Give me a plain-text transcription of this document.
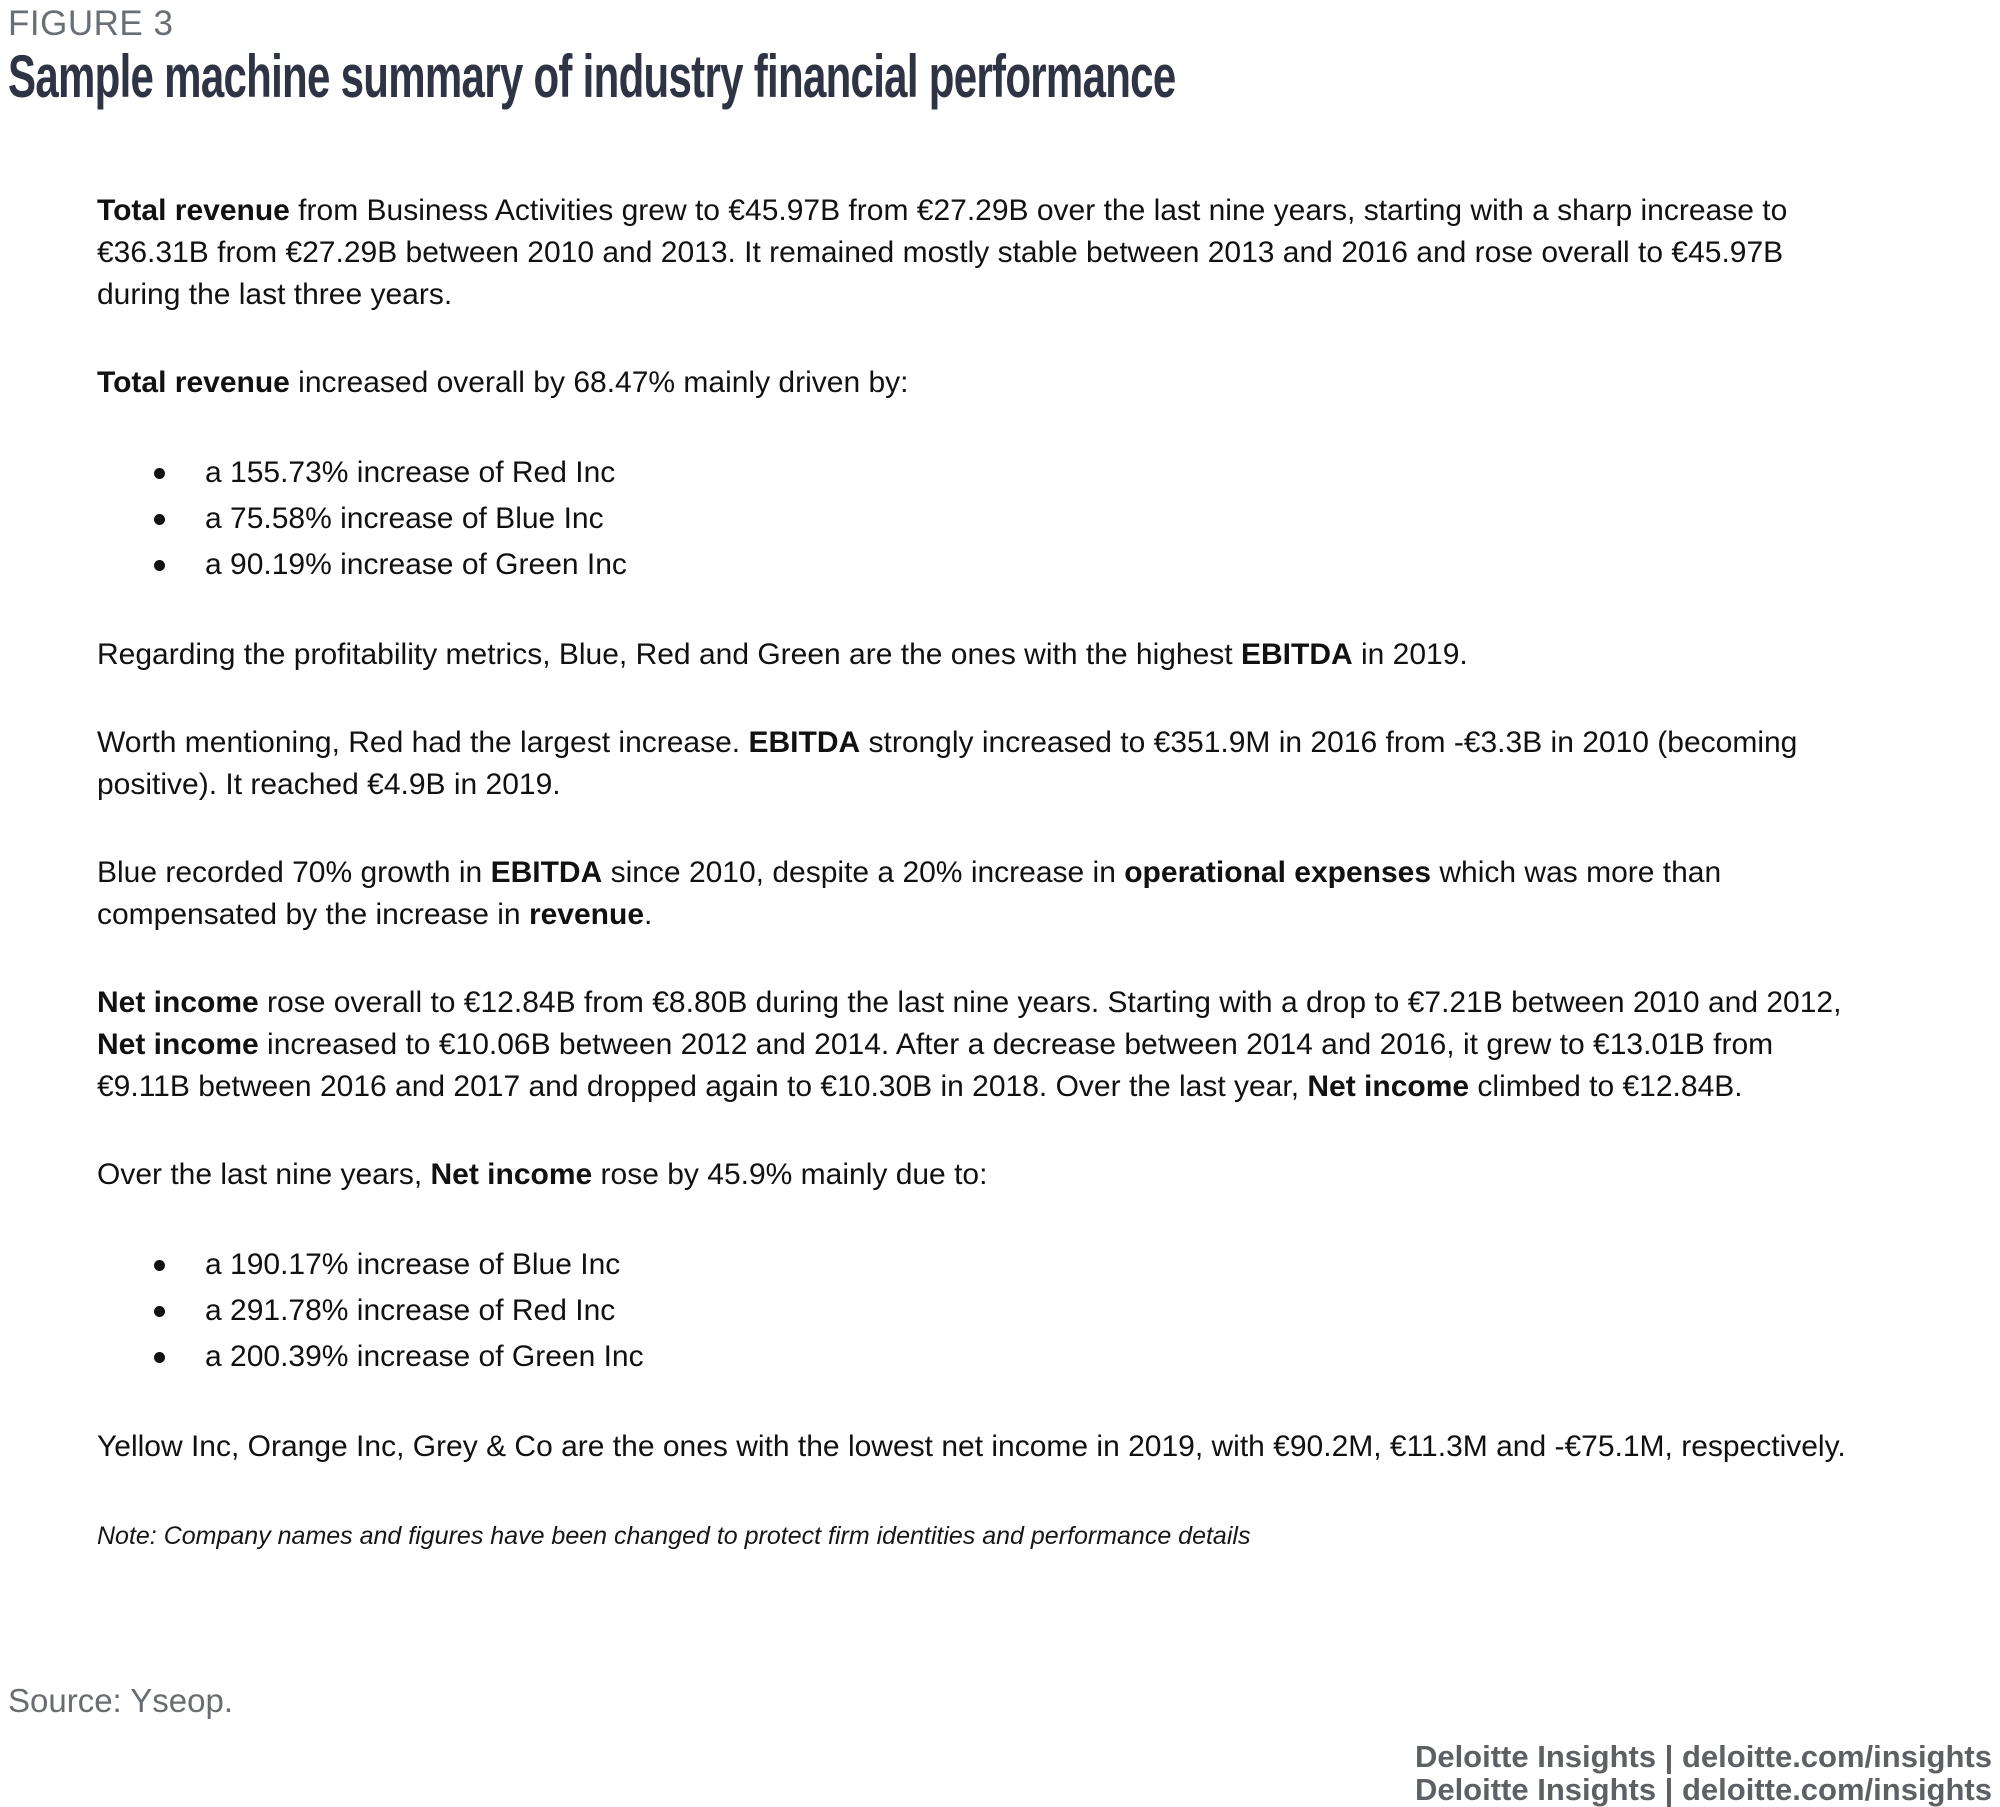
FIGURE 3
Sample machine summary of industry financial performance

Total revenue from Business Activities grew to €45.97B from €27.29B over the last nine years, starting with a sharp increase to €36.31B from €27.29B between 2010 and 2013. It remained mostly stable between 2013 and 2016 and rose overall to €45.97B during the last three years.

Total revenue increased overall by 68.47% mainly driven by:

a 155.73% increase of Red Inc
a 75.58% increase of Blue Inc
a 90.19% increase of Green Inc

Regarding the profitability metrics, Blue, Red and Green are the ones with the highest EBITDA in 2019.

Worth mentioning, Red had the largest increase. EBITDA strongly increased to €351.9M in 2016 from -€3.3B in 2010 (becoming positive). It reached €4.9B in 2019.

Blue recorded 70% growth in EBITDA since 2010, despite a 20% increase in operational expenses which was more than compensated by the increase in revenue.

Net income rose overall to €12.84B from €8.80B during the last nine years. Starting with a drop to €7.21B between 2010 and 2012, Net income increased to €10.06B between 2012 and 2014. After a decrease between 2014 and 2016, it grew to €13.01B from €9.11B between 2016 and 2017 and dropped again to €10.30B in 2018. Over the last year, Net income climbed to €12.84B.

Over the last nine years, Net income rose by 45.9% mainly due to:

a 190.17% increase of Blue Inc
a 291.78% increase of Red Inc
a 200.39% increase of Green Inc

Yellow Inc, Orange Inc, Grey & Co are the ones with the lowest net income in 2019, with €90.2M, €11.3M and -€75.1M, respectively.

Note: Company names and figures have been changed to protect firm identities and performance details

Source: Yseop.
Deloitte Insights | deloitte.com/insights
Deloitte Insights | deloitte.com/insights
